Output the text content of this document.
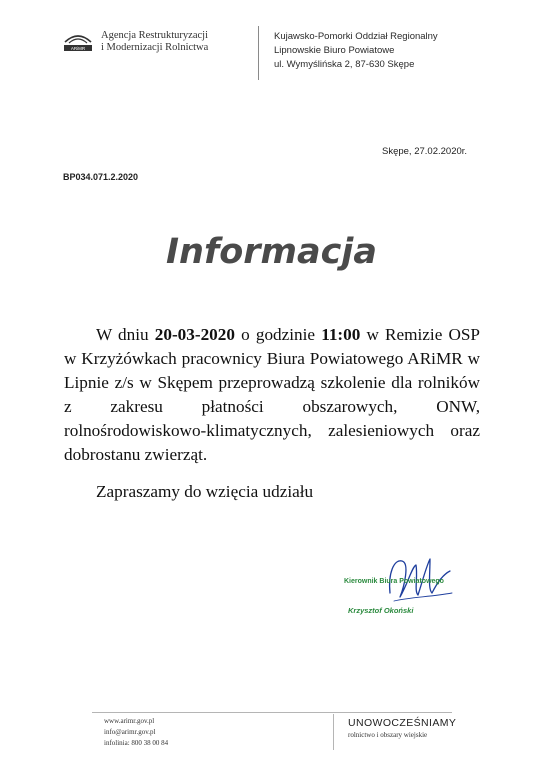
ARiMR
Agencja Restrukturyzacji
i Modernizacji Rolnictwa
Kujawsko-Pomorki Oddział Regionalny
Lipnowskie Biuro Powiatowe
ul. Wymyślińska 2, 87-630 Skępe
Skępe, 27.02.2020r.
BP034.071.2.2020
Informacja

W dniu 20-03-2020 o godzinie 11:00 w Remizie OSP w Krzyżówkach pracownicy Biura Powiatowego ARiMR w Lipnie z/s w Skępem przeprowadzą szkolenie dla rolników z zakresu płatności obszarowych, ONW, rolnośrodowiskowo-klimatycznych, zalesieniowych oraz dobrostanu zwierząt.

Zapraszamy do wzięcia udziału
Kierownik Biura Powiatowego
Krzysztof Okoński
www.arimr.gov.pl
info@arimr.gov.pl
infolinia: 800 38 00 84
UNOWOCZEŚNIAMY
rolnictwo i obszary wiejskie
